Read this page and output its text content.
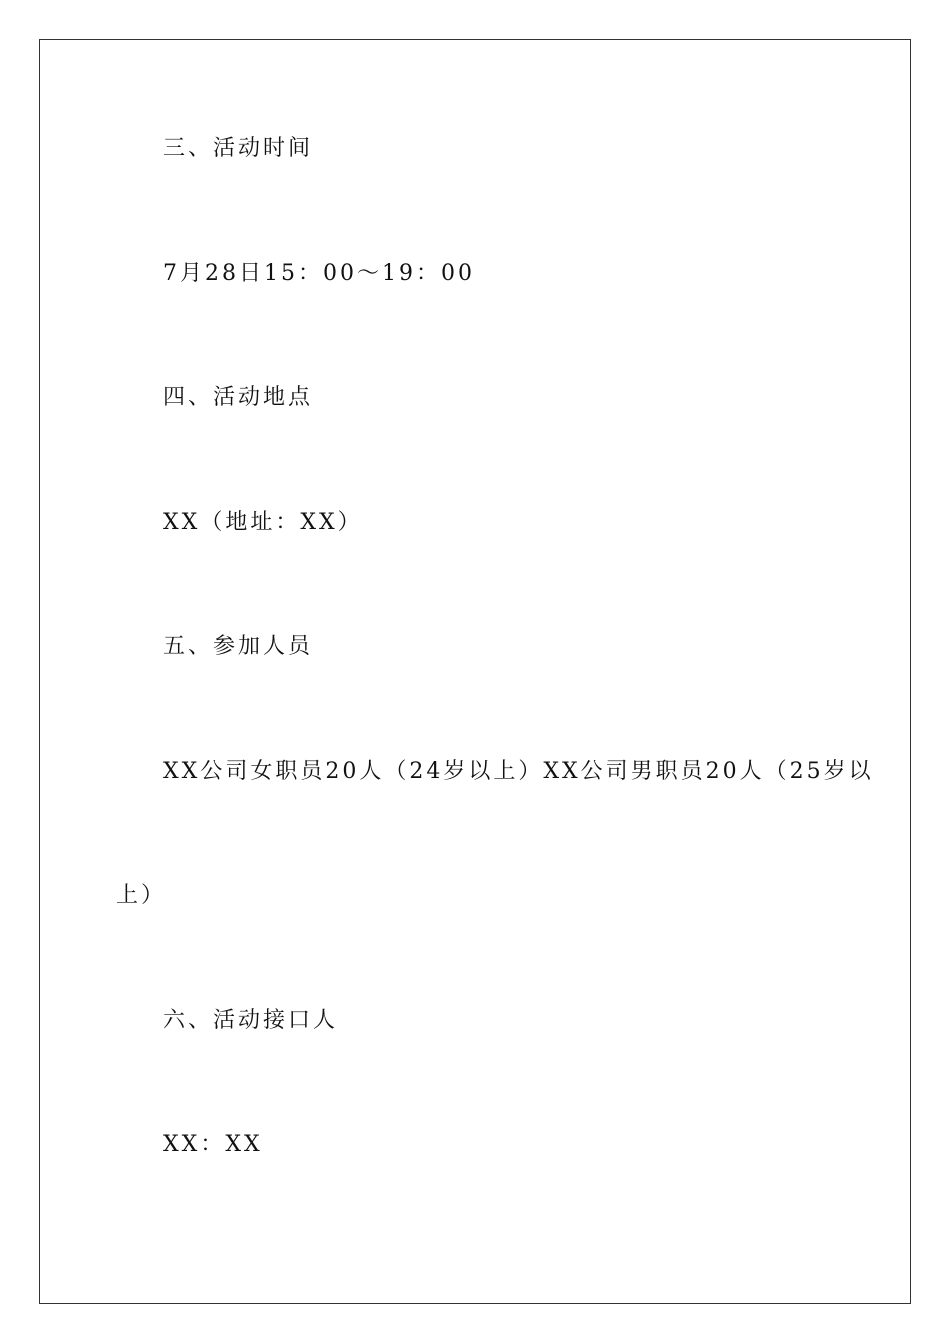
三、活动时间
7月28日15：00～19：00
四、活动地点
XX（地址：XX）
五、参加人员
XX公司女职员20人（24岁以上）XX公司男职员20人（25岁以
上）
六、活动接口人
XX：XX
